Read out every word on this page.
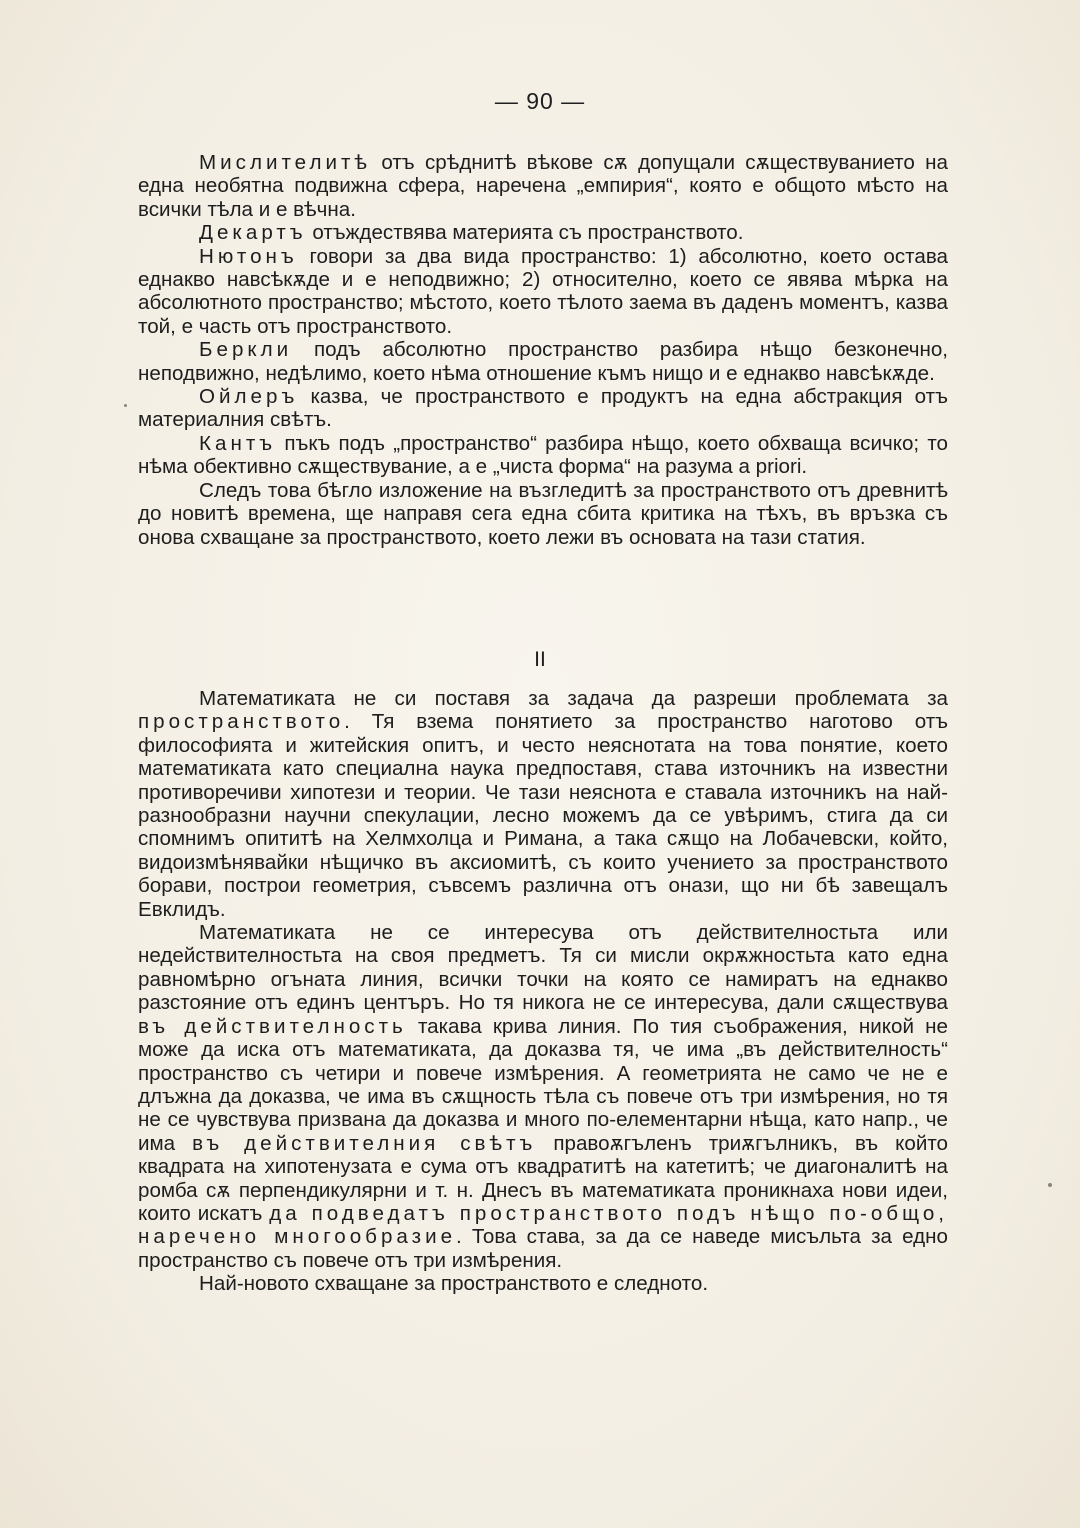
— 90 —

Мислителитѣ отъ срѣднитѣ вѣкове сѫ допущали сѫществуванието на една необятна подвижна сфера, наречена „емпирия“, която е общото мѣсто на всички тѣла и е вѣчна.

Декартъ отъждествява материята съ пространството.

Нютонъ говори за два вида пространство: 1) абсолютно, което остава еднакво навсѣкѫде и е неподвижно; 2) относително, което се явява мѣрка на абсолютното пространство; мѣстото, което тѣлото заема въ даденъ моментъ, казва той, е часть отъ пространството.

Беркли подъ абсолютно пространство разбира нѣщо безконечно, неподвижно, недѣлимо, което нѣма отношение къмъ нищо и е еднакво навсѣкѫде.

Ойлеръ казва, че пространството е продуктъ на една абстракция отъ материалния свѣтъ.

Кантъ пъкъ подъ „пространство“ разбира нѣщо, което обхваща всичко; то нѣма обективно сѫществувание, а е „чиста форма“ на разума a priori.

Следъ това бѣгло изложение на възгледитѣ за пространството отъ древнитѣ до новитѣ времена, ще направя сега една сбита критика на тѣхъ, въ връзка съ онова схващане за пространството, което лежи въ основата на тази статия.

II

Математиката не си поставя за задача да разреши проблемата за пространството. Тя взема понятието за пространство наготово отъ философията и житейския опитъ, и често неяснотата на това понятие, което математиката като специална наука предпоставя, става източникъ на известни противоречиви хипотези и теории. Че тази неяснота е ставала източникъ на най-разнообразни научни спекулации, лесно можемъ да се увѣримъ, стига да си спомнимъ опититѣ на Хелмхолца и Римана, а така сѫщо на Лобачевски, който, видоизмѣнявайки нѣщичко въ аксиомитѣ, съ които учението за пространството борави, построи геометрия, съвсемъ различна отъ онази, що ни бѣ завещалъ Евклидъ.

Математиката не се интересува отъ действителностьта или недействителностьта на своя предметъ. Тя си мисли окрѫжностьта като една равномѣрно огъната линия, всички точки на която се намиратъ на еднакво разстояние отъ единъ центъръ. Но тя никога не се интересува, дали сѫществува въ действителность такава крива линия. По тия съображения, никой не може да иска отъ математиката, да доказва тя, че има „въ действителность“ пространство съ четири и повече измѣрения. А геометрията не само че не е длъжна да доказва, че има въ сѫщность тѣла съ повече отъ три измѣрения, но тя не се чувствува призвана да доказва и много по-елементарни нѣща, като напр., че има въ действителния свѣтъ правоѫгъленъ триѫгълникъ, въ който квадрата на хипотенузата е сума отъ квадратитѣ на катетитѣ; че диагоналитѣ на ромба сѫ перпендикулярни и т. н. Днесъ въ математиката проникнаха нови идеи, които искатъ да подведатъ пространството подъ нѣщо по-общо, наречено многообразие. Това става, за да се наведе мисъльта за едно пространство съ повече отъ три измѣрения.

Най-новото схващане за пространството е следното.
